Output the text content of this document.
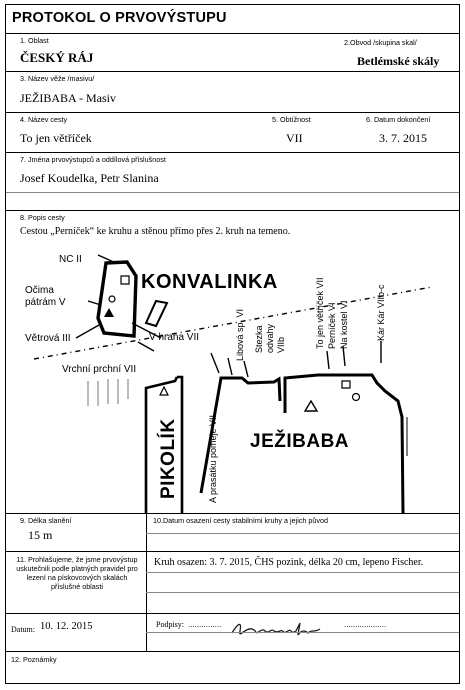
PROTOKOL O PRVOVÝSTUPU
1. Oblast	2.Obvod /skupina skal/
ČESKÝ RÁJ	Betlémské skály
3. Název věže /masivu/
JEŽIBABA - Masiv
4. Název cesty	5. Obtížnost	6. Datum dokončení
To jen větříček	VII	3. 7. 2015
7. Jména prvovýstupců a oddílová příslušnost
Josef Koudelka, Petr Slanina
8. Popis cesty
Cestou „Perníček“ ke kruhu a stěnou přímo přes 2. kruh na temeno.
KONVALINKA
JEŽIBABA
PIKOLÍK
NC II
Očima
pátrám V
Větrová III	V hrana VII
Vrchní prchní VII
A prasátku pomeje VII
Libová sp. VI Stezka odvahy VIIb	To jen větříček VII Perníček VI Na kostel VI	Kár Kár VIIb-c
9. Délka slanění	10.Datum osazení cesty stabilními kruhy a jejich původ
15 m
11. Prohlašujeme, že jsme prvovýstup uskutečnili podle platných pravidel pro lezení na pískovcových skalách příslušné oblasti
Kruh osazen: 3. 7. 2015, ČHS pozink, délka 20 cm, lepeno Fischer.
Datum: 10. 12. 2015	Podpisy: ...............	...................
12. Poznámky
